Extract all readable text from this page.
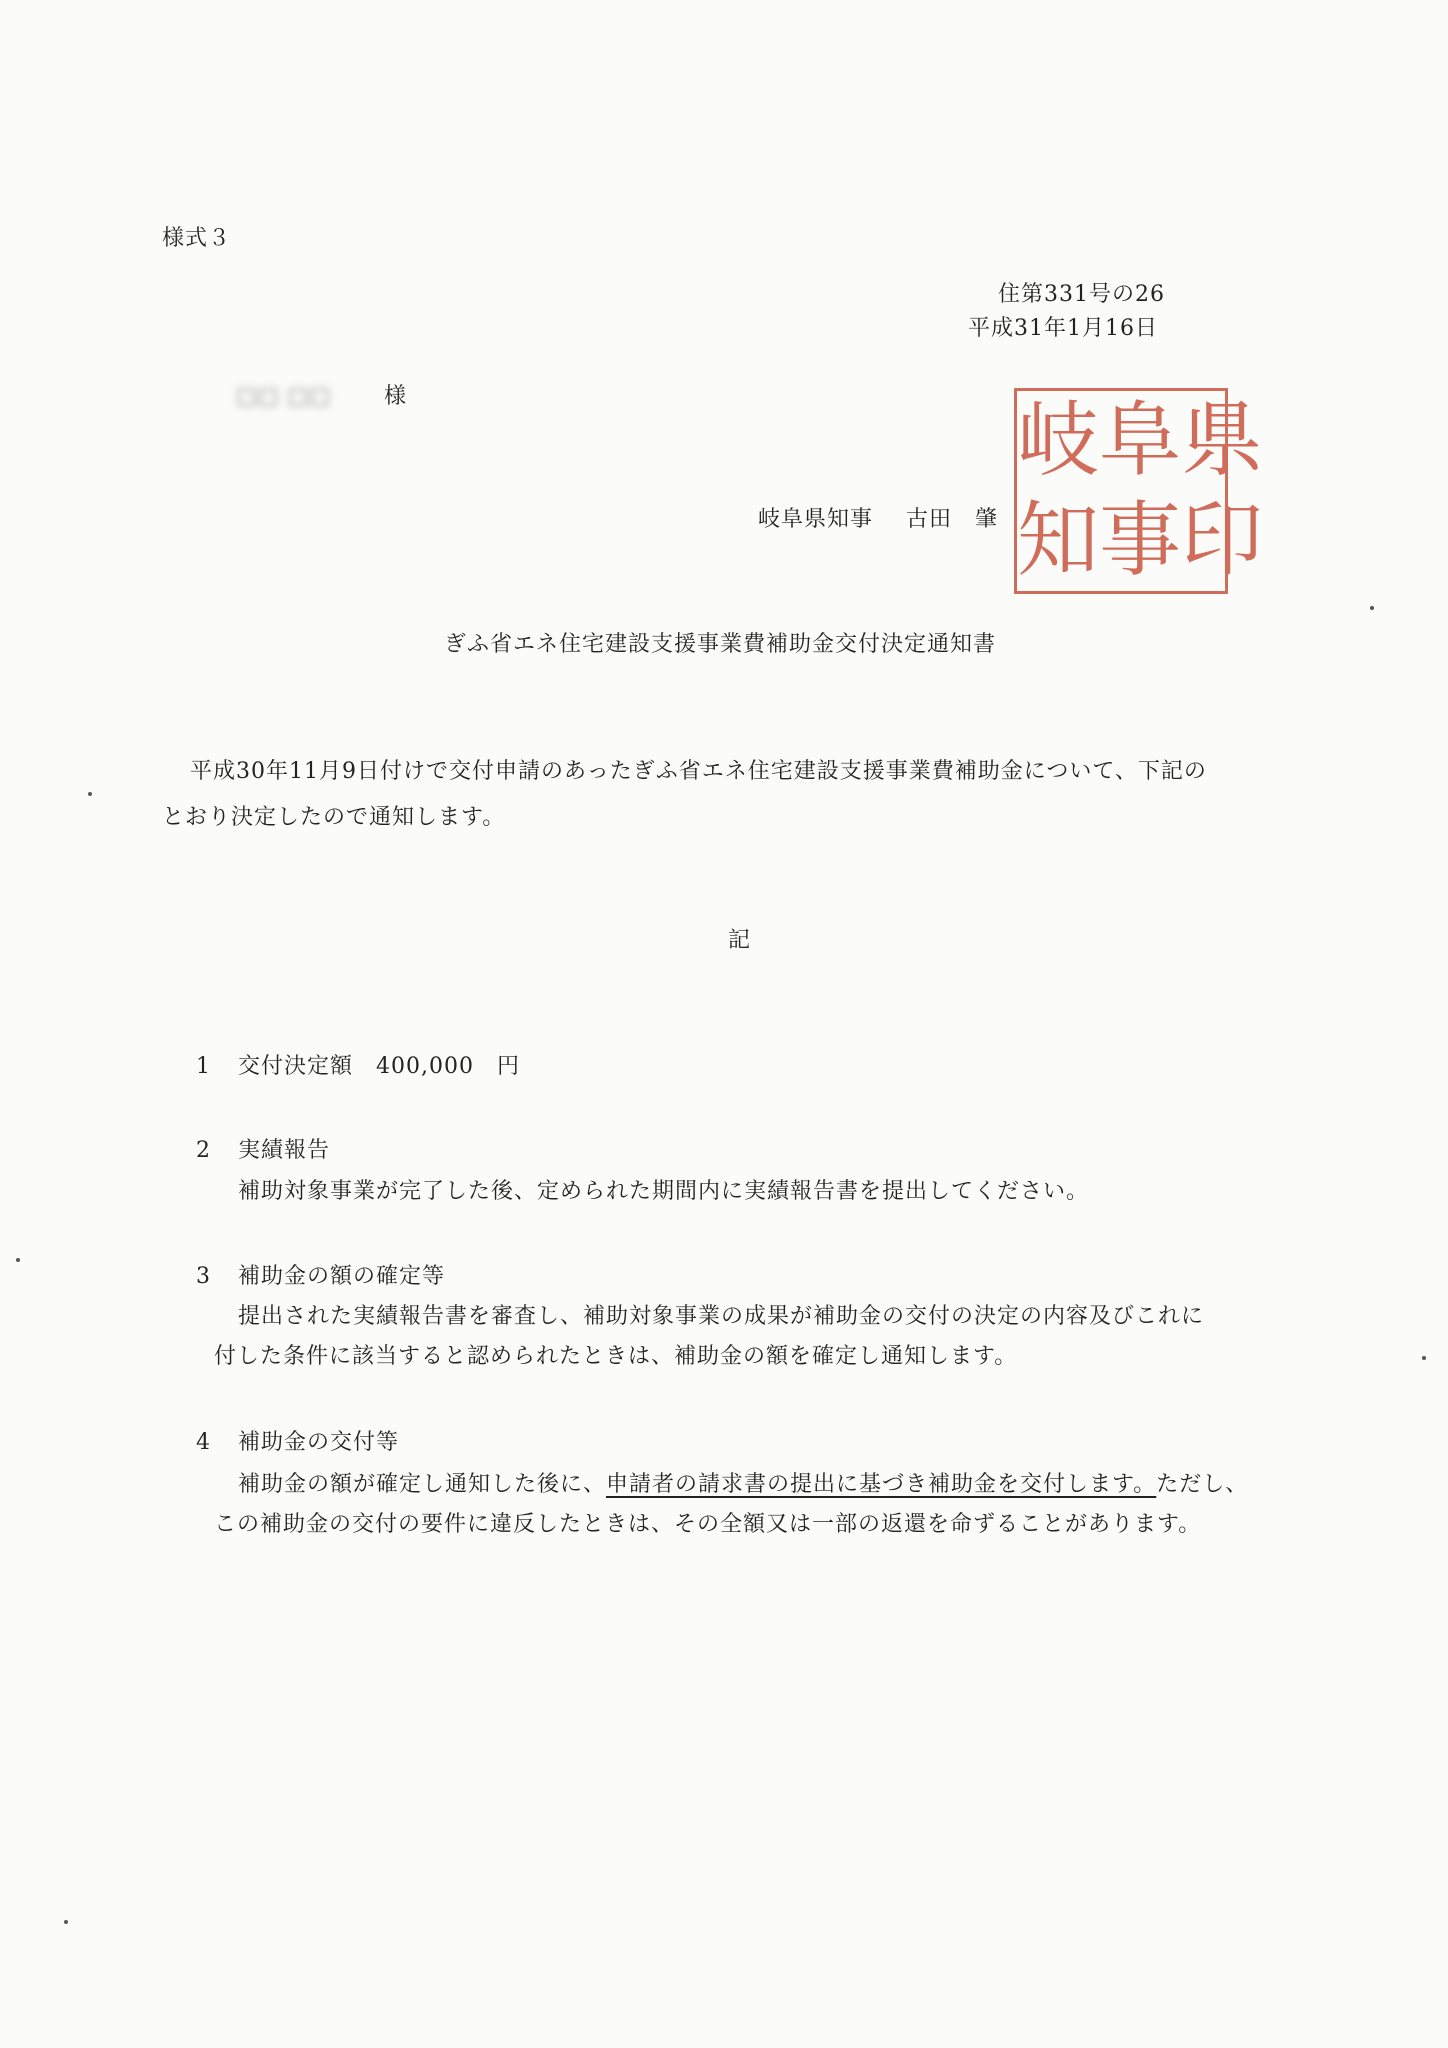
様式３
住第331号の26
平成31年1月16日
□□ □□ 様
岐阜県知事 古田　肇
岐 阜 県
知 事 印
ぎふ省エネ住宅建設支援事業費補助金交付決定通知書
平成30年11月9日付けで交付申請のあったぎふ省エネ住宅建設支援事業費補助金について、下記の
とおり決定したので通知します。
記
1 交付決定額　400,000　円
2 実績報告
補助対象事業が完了した後、定められた期間内に実績報告書を提出してください。
3 補助金の額の確定等
提出された実績報告書を審査し、補助対象事業の成果が補助金の交付の決定の内容及びこれに
付した条件に該当すると認められたときは、補助金の額を確定し通知します。
4 補助金の交付等
補助金の額が確定し通知した後に、申請者の請求書の提出に基づき補助金を交付します。ただし、
この補助金の交付の要件に違反したときは、その全額又は一部の返還を命ずることがあります。
